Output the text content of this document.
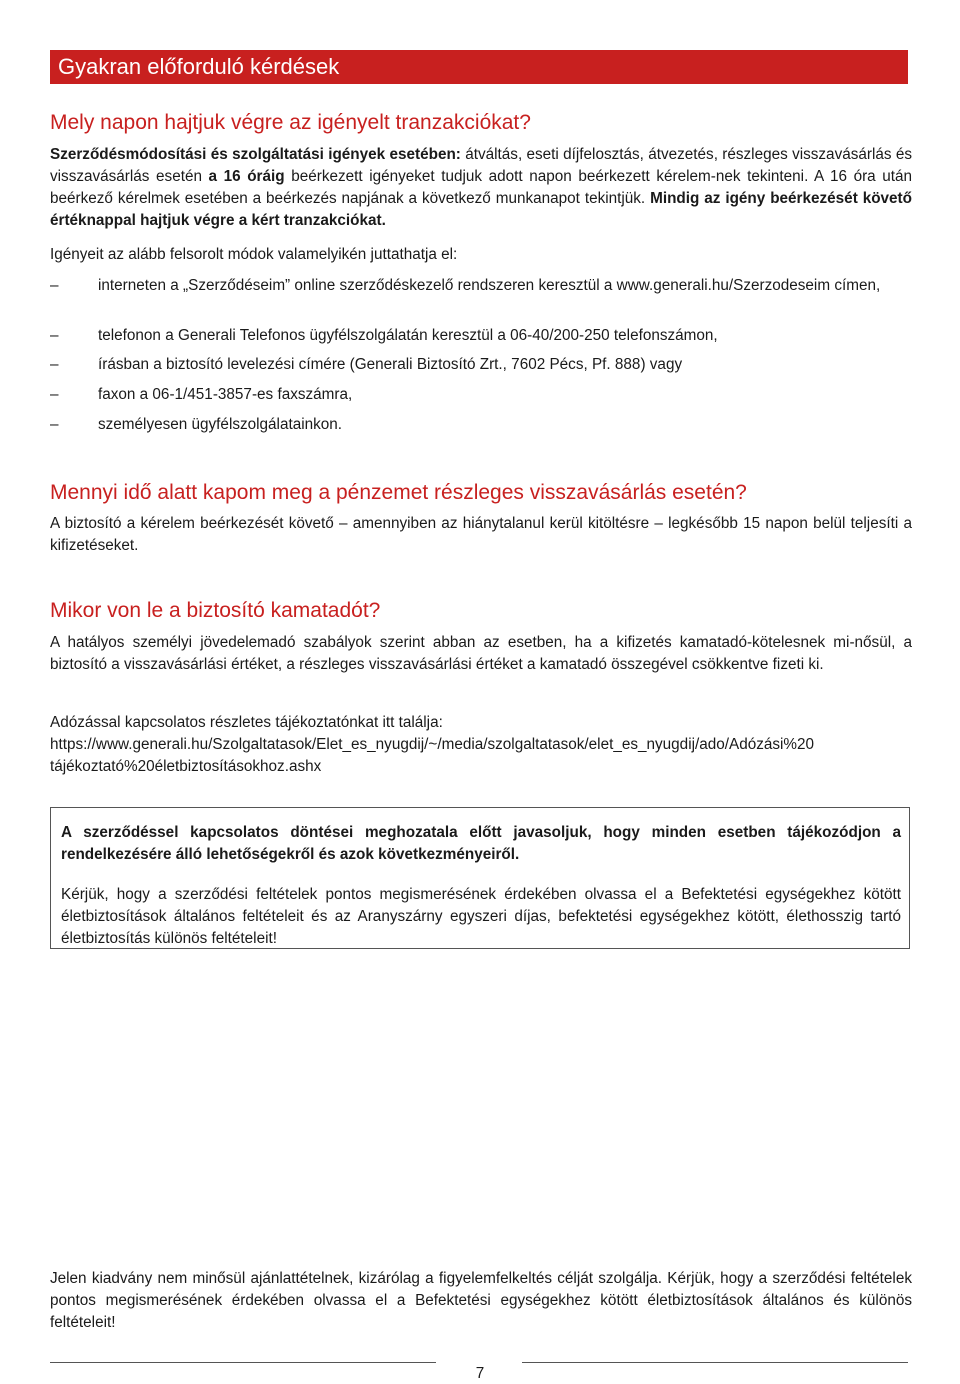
Gyakran előforduló kérdések
Mely napon hajtjuk végre az igényelt tranzakciókat?

Szerződésmódosítási és szolgáltatási igények esetében: átváltás, eseti díjfelosztás, átvezetés, részleges visszavásárlás és visszavásárlás esetén a 16 óráig beérkezett igényeket tudjuk adott napon beérkezett kérelem-nek tekinteni. A 16 óra után beérkező kérelmek esetében a beérkezés napjának a következő munkanapot tekintjük. Mindig az igény beérkezését követő értéknappal hajtjuk végre a kért tranzakciókat.

Igényeit az alább felsorolt módok valamelyikén juttathatja el:

–	interneten a „Szerződéseim” online szerződéskezelő rendszeren keresztül a www.generali.hu/Szerzodeseim címen,
–	telefonon a Generali Telefonos ügyfélszolgálatán keresztül a 06-40/200-250 telefonszámon,
–	írásban a biztosító levelezési címére (Generali Biztosító Zrt., 7602 Pécs, Pf. 888) vagy
–	faxon a 06-1/451-3857-es faxszámra,
–	személyesen ügyfélszolgálatainkon.
Mennyi idő alatt kapom meg a pénzemet részleges visszavásárlás esetén?

A biztosító a kérelem beérkezését követő – amennyiben az hiánytalanul kerül kitöltésre – legkésőbb 15 napon belül teljesíti a kifizetéseket.

Mikor von le a biztosító kamatadót?

A hatályos személyi jövedelemadó szabályok szerint abban az esetben, ha a kifizetés kamatadó-kötelesnek mi-nősül, a biztosító a visszavásárlási értéket, a részleges visszavásárlási értéket a kamatadó összegével csökkentve fizeti ki.

Adózással kapcsolatos részletes tájékoztatónkat itt találja:
https://www.generali.hu/Szolgaltatasok/Elet_es_nyugdij/~/media/szolgaltatasok/elet_es_nyugdij/ado/Adózási%20
tájékoztató%20életbiztosításokhoz.ashx

A szerződéssel kapcsolatos döntései meghozatala előtt javasoljuk, hogy minden esetben tájékozódjon a rendelkezésére álló lehetőségekről és azok következményeiről.

Kérjük, hogy a szerződési feltételek pontos megismerésének érdekében olvassa el a Befektetési egységekhez kötött életbiztosítások általános feltételeit és az Aranyszárny egyszeri díjas, befektetési egységekhez kötött, élethosszig tartó életbiztosítás különös feltételeit!

Jelen kiadvány nem minősül ajánlattételnek, kizárólag a figyelemfelkeltés célját szolgálja. Kérjük, hogy a szerződési feltételek pontos megismerésének érdekében olvassa el a Befektetési egységekhez kötött életbiztosítások általános és különös feltételeit!

7
